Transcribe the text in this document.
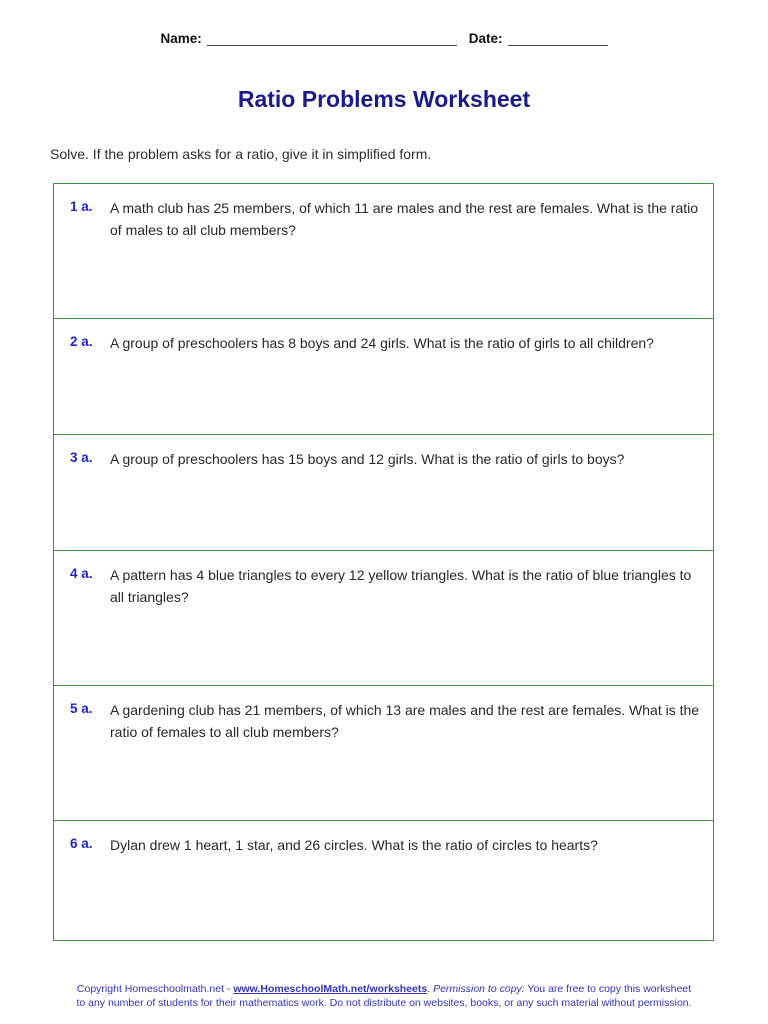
Name:	Date:
Ratio Problems Worksheet
Solve. If the problem asks for a ratio, give it in simplified form.
1 a.	A math club has 25 members, of which 11 are males and the rest are females. What is the ratio of males to all club members?
2 a.	A group of preschoolers has 8 boys and 24 girls. What is the ratio of girls to all children?
3 a.	A group of preschoolers has 15 boys and 12 girls. What is the ratio of girls to boys?
4 a.	A pattern has 4 blue triangles to every 12 yellow triangles. What is the ratio of blue triangles to all triangles?
5 a.	A gardening club has 21 members, of which 13 are males and the rest are females. What is the ratio of females to all club members?
6 a.	Dylan drew 1 heart, 1 star, and 26 circles. What is the ratio of circles to hearts?
Copyright Homeschoolmath.net - www.HomeschoolMath.net/worksheets. Permission to copy: You are free to copy this worksheet to any number of students for their mathematics work. Do not distribute on websites, books, or any such material without permission.
